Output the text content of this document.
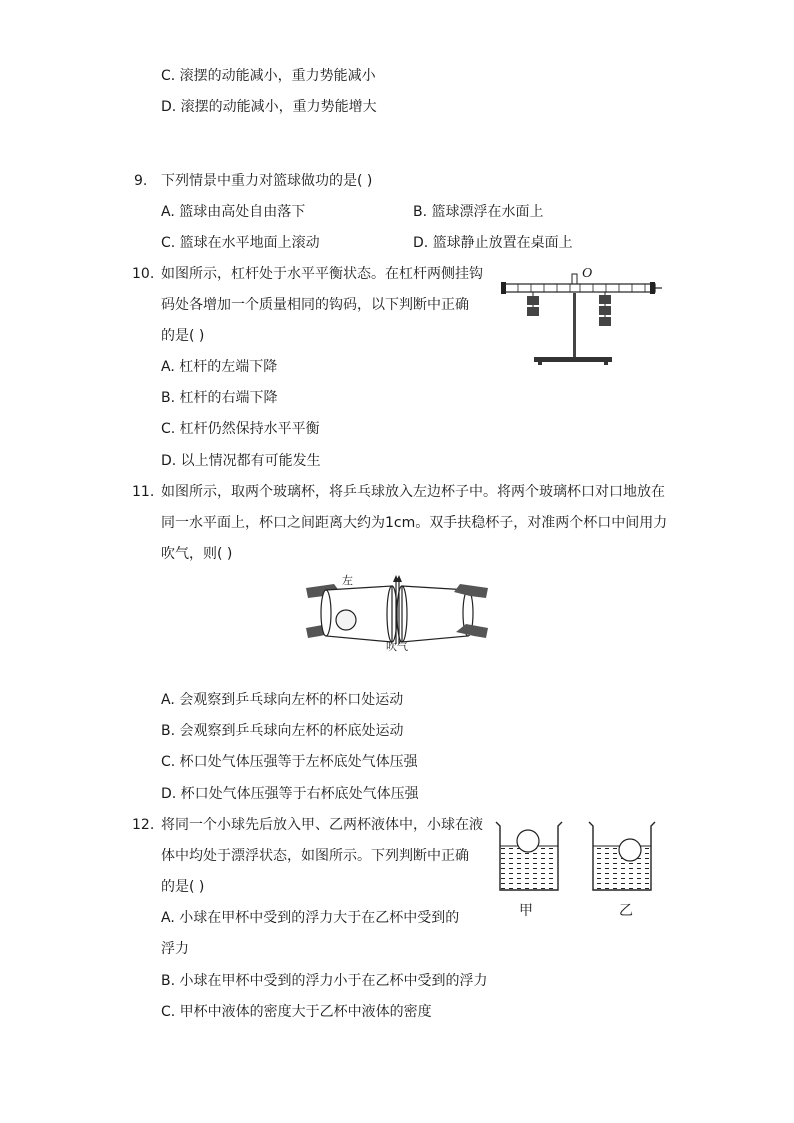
C. 滚摆的动能减小，重力势能减小
D. 滚摆的动能减小，重力势能增大
9. 下列情景中重力对篮球做功的是( )
A. 篮球由高处自由落下	B. 篮球漂浮在水面上
C. 篮球在水平地面上滚动	D. 篮球静止放置在桌面上
10. 如图所示，杠杆处于水平平衡状态。在杠杆两侧挂钩
码处各增加一个质量相同的钩码，以下判断中正确
的是( )
A. 杠杆的左端下降
B. 杠杆的右端下降
C. 杠杆仍然保持水平平衡
D. 以上情况都有可能发生
O
11. 如图所示，取两个玻璃杯，将乒乓球放入左边杯子中。将两个玻璃杯口对口地放在
同一水平面上，杯口之间距离大约为1cm。双手扶稳杯子，对准两个杯口中间用力
吹气，则( )
左
吹气
A. 会观察到乒乓球向左杯的杯口处运动
B. 会观察到乒乓球向左杯的杯底处运动
C. 杯口处气体压强等于左杯底处气体压强
D. 杯口处气体压强等于右杯底处气体压强
12. 将同一个小球先后放入甲、乙两杯液体中，小球在液
体中均处于漂浮状态，如图所示。下列判断中正确
的是( )
A. 小球在甲杯中受到的浮力大于在乙杯中受到的
浮力
B. 小球在甲杯中受到的浮力小于在乙杯中受到的浮力
C. 甲杯中液体的密度大于乙杯中液体的密度
甲	乙
